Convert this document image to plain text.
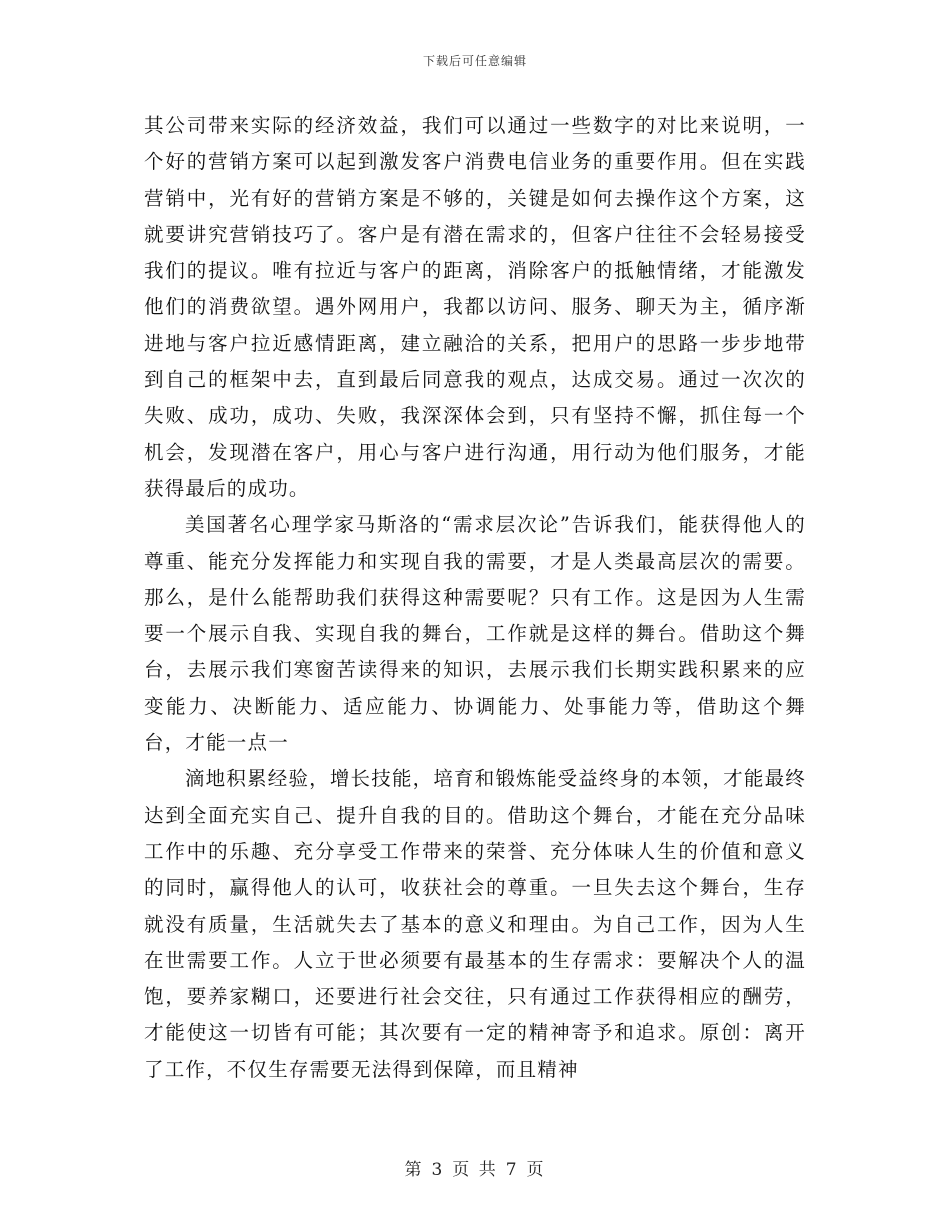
下载后可任意编辑

其公司带来实际的经济效益，我们可以通过一些数字的对比来说明，一个好的营销方案可以起到激发客户消费电信业务的重要作用。但在实践营销中，光有好的营销方案是不够的，关键是如何去操作这个方案，这就要讲究营销技巧了。客户是有潜在需求的，但客户往往不会轻易接受我们的提议。唯有拉近与客户的距离，消除客户的抵触情绪，才能激发他们的消费欲望。遇外网用户，我都以访问、服务、聊天为主，循序渐进地与客户拉近感情距离，建立融洽的关系，把用户的思路一步步地带到自己的框架中去，直到最后同意我的观点，达成交易。通过一次次的失败、成功，成功、失败，我深深体会到，只有坚持不懈，抓住每一个机会，发现潜在客户，用心与客户进行沟通，用行动为他们服务，才能获得最后的成功。

美国著名心理学家马斯洛的“需求层次论”告诉我们，能获得他人的尊重、能充分发挥能力和实现自我的需要，才是人类最高层次的需要。那么，是什么能帮助我们获得这种需要呢？只有工作。这是因为人生需要一个展示自我、实现自我的舞台，工作就是这样的舞台。借助这个舞台，去展示我们寒窗苦读得来的知识，去展示我们长期实践积累来的应变能力、决断能力、适应能力、协调能力、处事能力等，借助这个舞台，才能一点一

滴地积累经验，增长技能，培育和锻炼能受益终身的本领，才能最终达到全面充实自己、提升自我的目的。借助这个舞台，才能在充分品味工作中的乐趣、充分享受工作带来的荣誉、充分体味人生的价值和意义的同时，赢得他人的认可，收获社会的尊重。一旦失去这个舞台，生存就没有质量，生活就失去了基本的意义和理由。为自己工作，因为人生在世需要工作。人立于世必须要有最基本的生存需求：要解决个人的温饱，要养家糊口，还要进行社会交往，只有通过工作获得相应的酬劳，才能使这一切皆有可能；其次要有一定的精神寄予和追求。原创：离开了工作，不仅生存需要无法得到保障，而且精神

第 3 页 共 7 页
